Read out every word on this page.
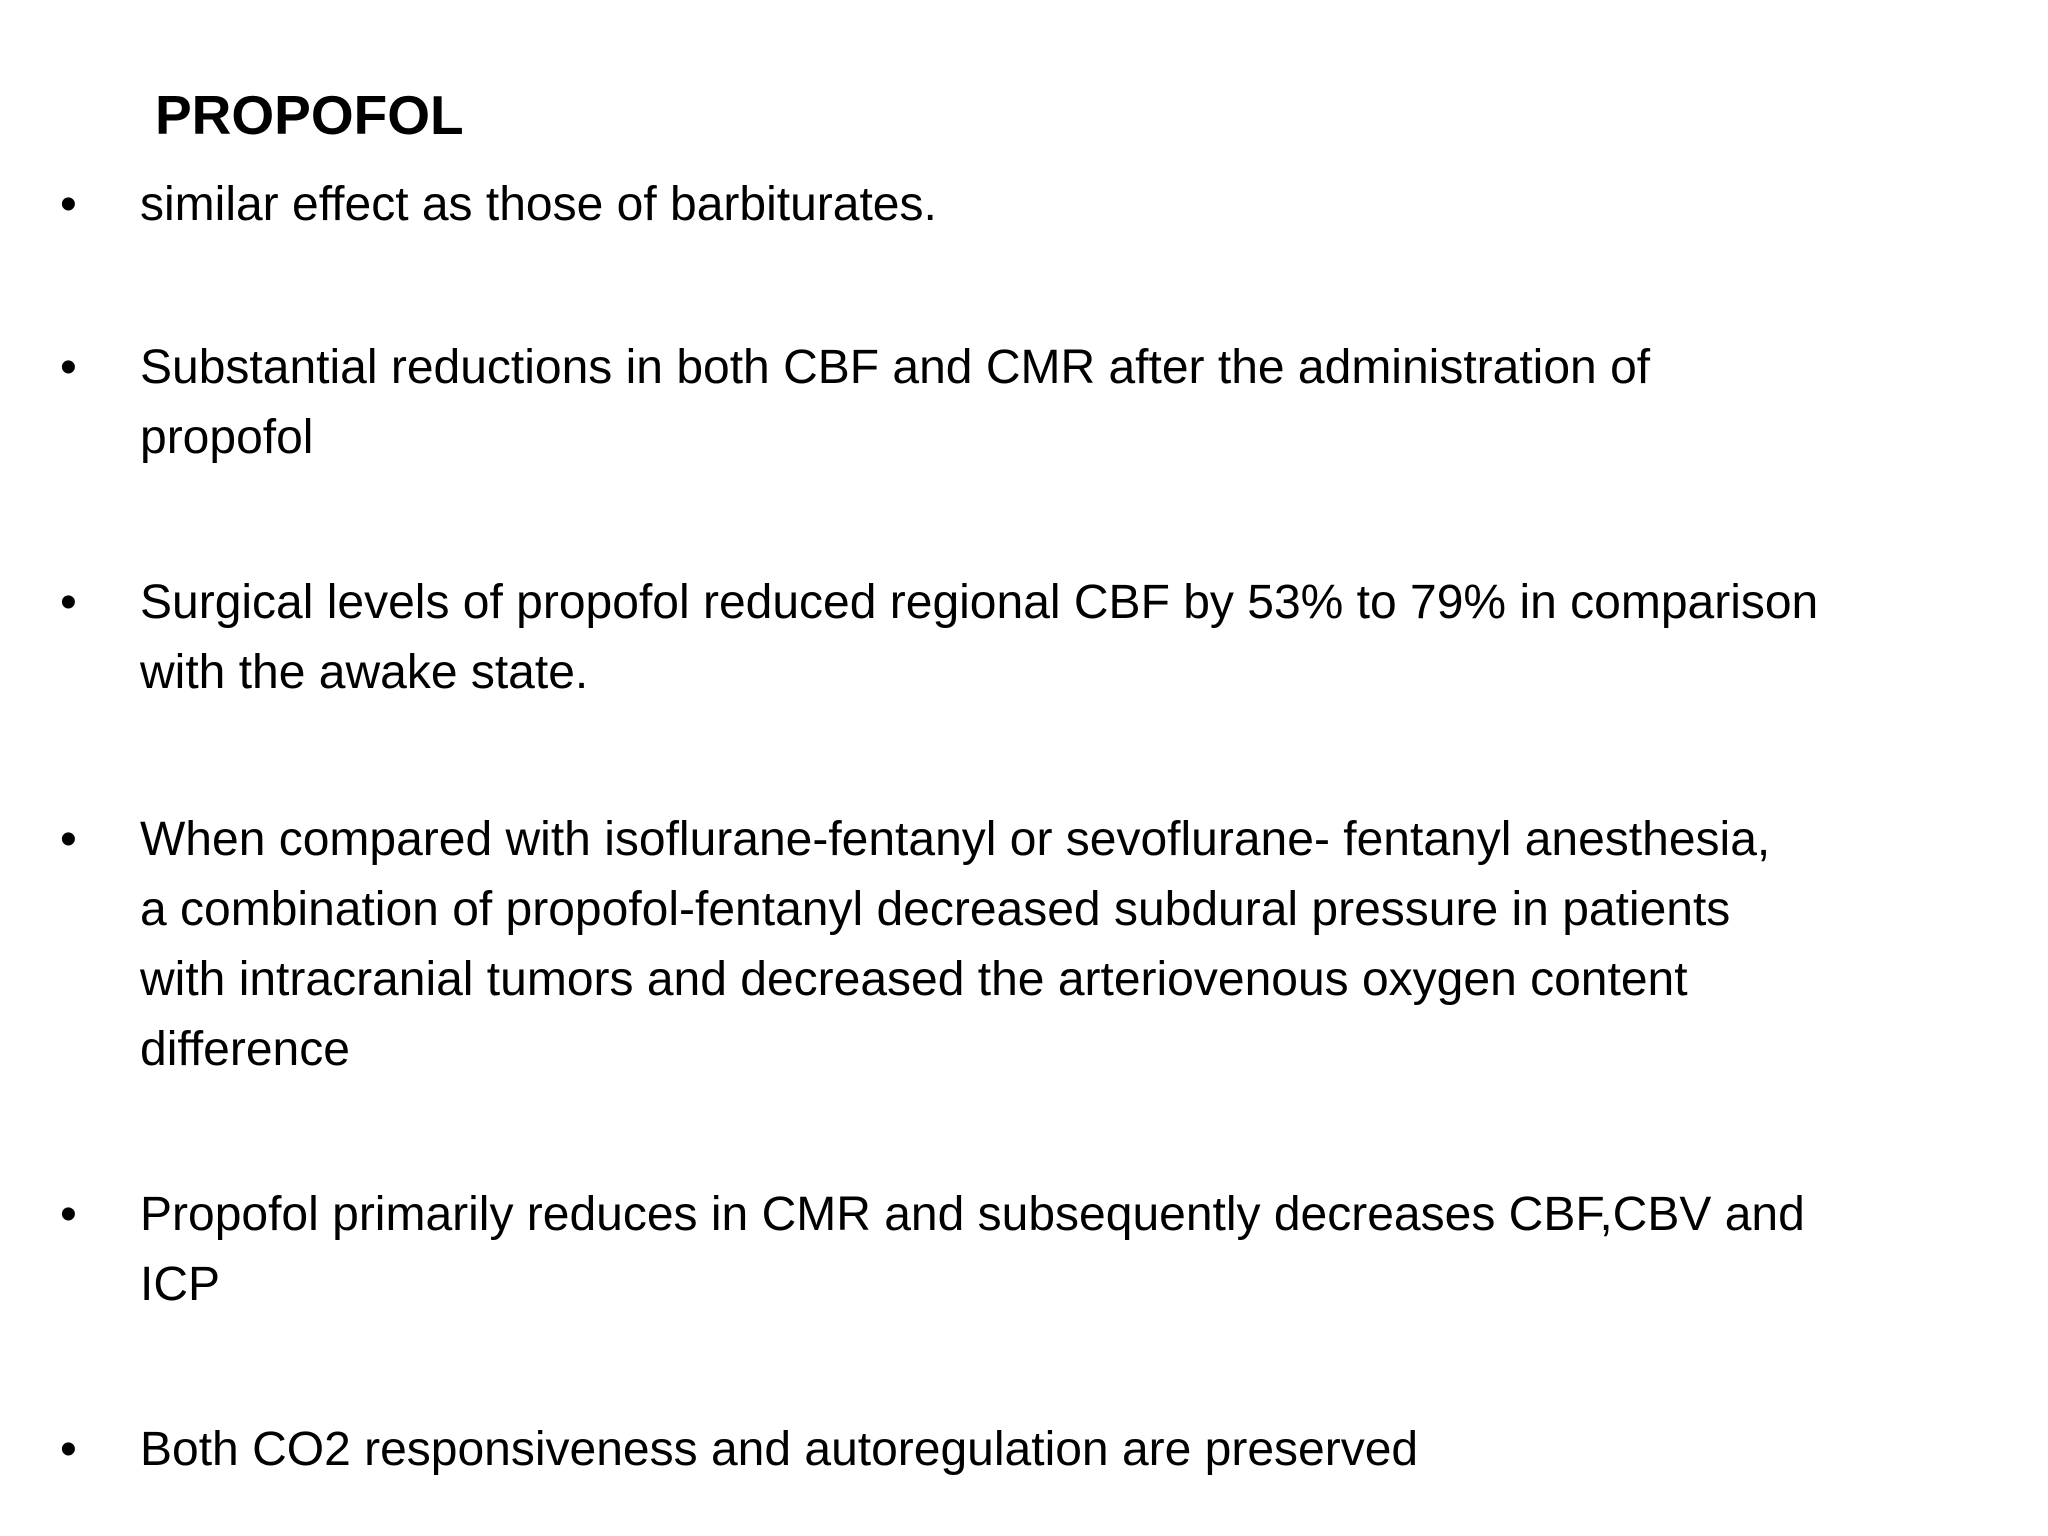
PROPOFOL
• similar effect as those of barbiturates.
• Substantial reductions in both CBF and CMR after the administration of
propofol
• Surgical levels of propofol reduced regional CBF by 53% to 79% in comparison
with the awake state.
• When compared with isoflurane-fentanyl or sevoflurane- fentanyl anesthesia,
a combination of propofol-fentanyl decreased subdural pressure in patients
with intracranial tumors and decreased the arteriovenous oxygen content
difference
• Propofol primarily reduces in CMR and subsequently decreases CBF,CBV and
ICP
• Both CO2 responsiveness and autoregulation are preserved
